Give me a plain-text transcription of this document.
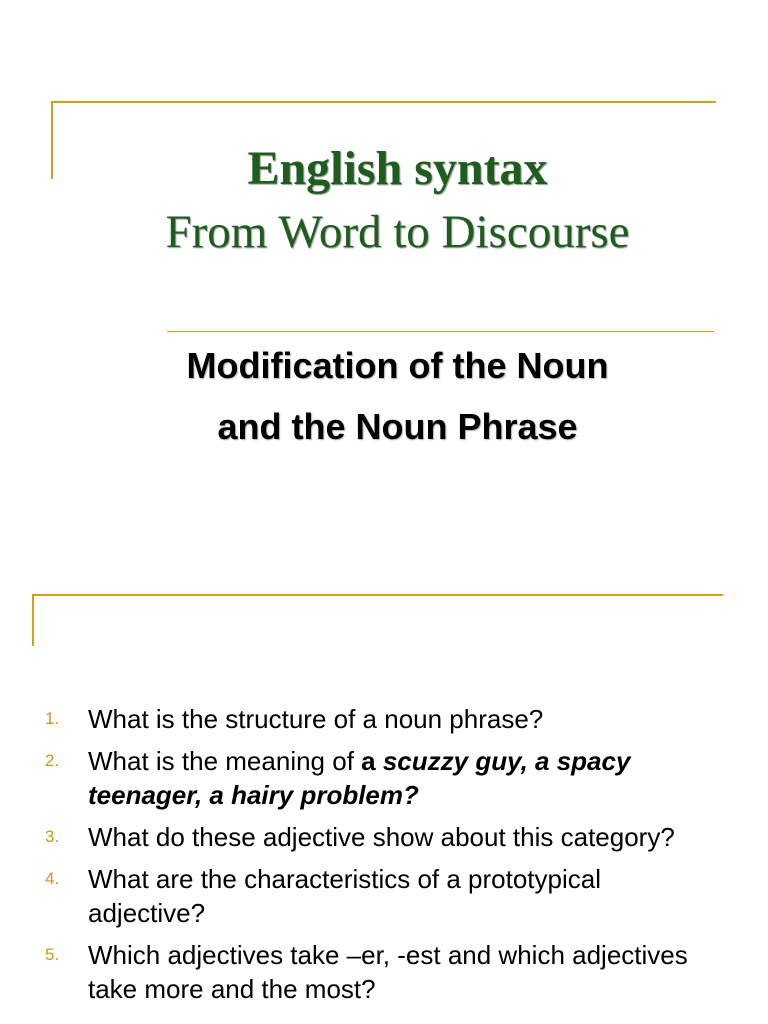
English syntax
From Word to Discourse
Modification of the Noun
and the Noun Phrase
1.	What is the structure of a noun phrase?
2.	What is the meaning of a scuzzy guy, a spacy teenager, a hairy problem?
3.	What do these adjective show about this category?
4.	What are the characteristics of a prototypical adjective?
5.	Which adjectives take –er, -est and which adjectives take more and the most?
